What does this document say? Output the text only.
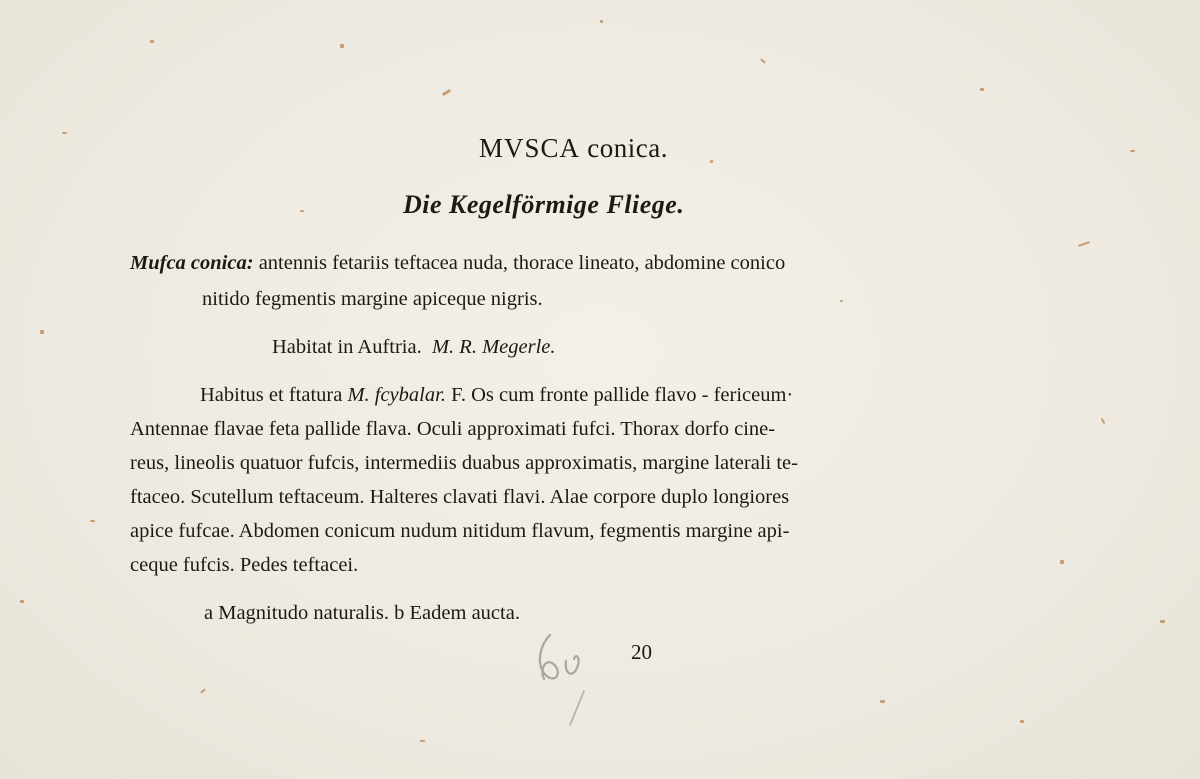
MVSCA conica.
Die Kegelförmige Fliege.
Mufca conica: antennis fetariis teftacea nuda, thorace lineato, abdomine conico
nitido fegmentis margine apiceque nigris.
Habitat in Auftria. M. R. Megerle.
Habitus et ftatura M. fcybalar. F. Os cum fronte pallide flavo - fericeum·
Antennae flavae feta pallide flava. Oculi approximati fufci. Thorax dorfo cine-
reus, lineolis quatuor fufcis, intermediis duabus approximatis, margine laterali te-
ftaceo. Scutellum teftaceum. Halteres clavati flavi. Alae corpore duplo longiores
apice fufcae. Abdomen conicum nudum nitidum flavum, fegmentis margine api-
ceque fufcis. Pedes teftacei.
a Magnitudo naturalis. b Eadem aucta.
20
